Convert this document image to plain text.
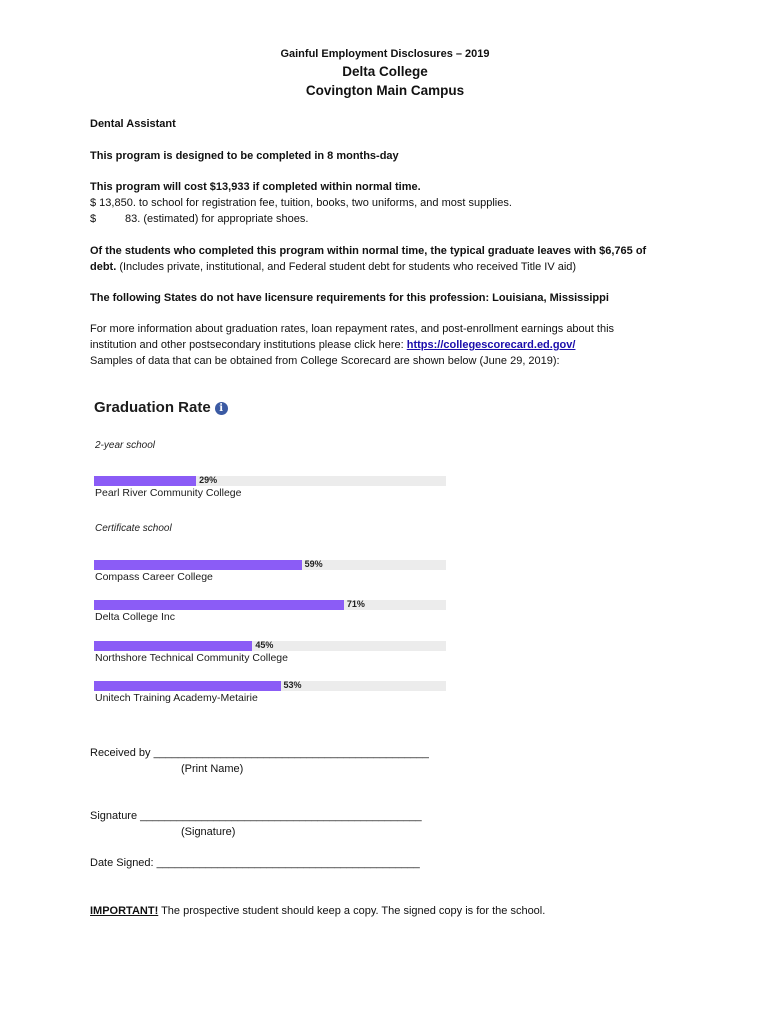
Gainful Employment Disclosures – 2019
Delta College
Covington Main Campus
Dental Assistant
This program is designed to be completed in 8 months-day
This program will cost $13,933 if completed within normal time.
$ 13,850. to school for registration fee, tuition, books, two uniforms, and most supplies.
$	83. (estimated) for appropriate shoes.
Of the students who completed this program within normal time, the typical graduate leaves with $6,765 of
debt. (Includes private, institutional, and Federal student debt for students who received Title IV aid)
The following States do not have licensure requirements for this profession: Louisiana, Mississippi
For more information about graduation rates, loan repayment rates, and post-enrollment earnings about this
institution and other postsecondary institutions please click here: https://collegescorecard.ed.gov/
Samples of data that can be obtained from College Scorecard are shown below (June 29, 2019):
Graduation Rate i
2-year school
29%
Pearl River Community College
Certificate school
59%
Compass Career College
71%
Delta College Inc
45%
Northshore Technical Community College
53%
Unitech Training Academy-Metairie
Received by _____________________________________________
(Print Name)
Signature ______________________________________________
(Signature)
Date Signed: ___________________________________________
IMPORTANT! The prospective student should keep a copy. The signed copy is for the school.
